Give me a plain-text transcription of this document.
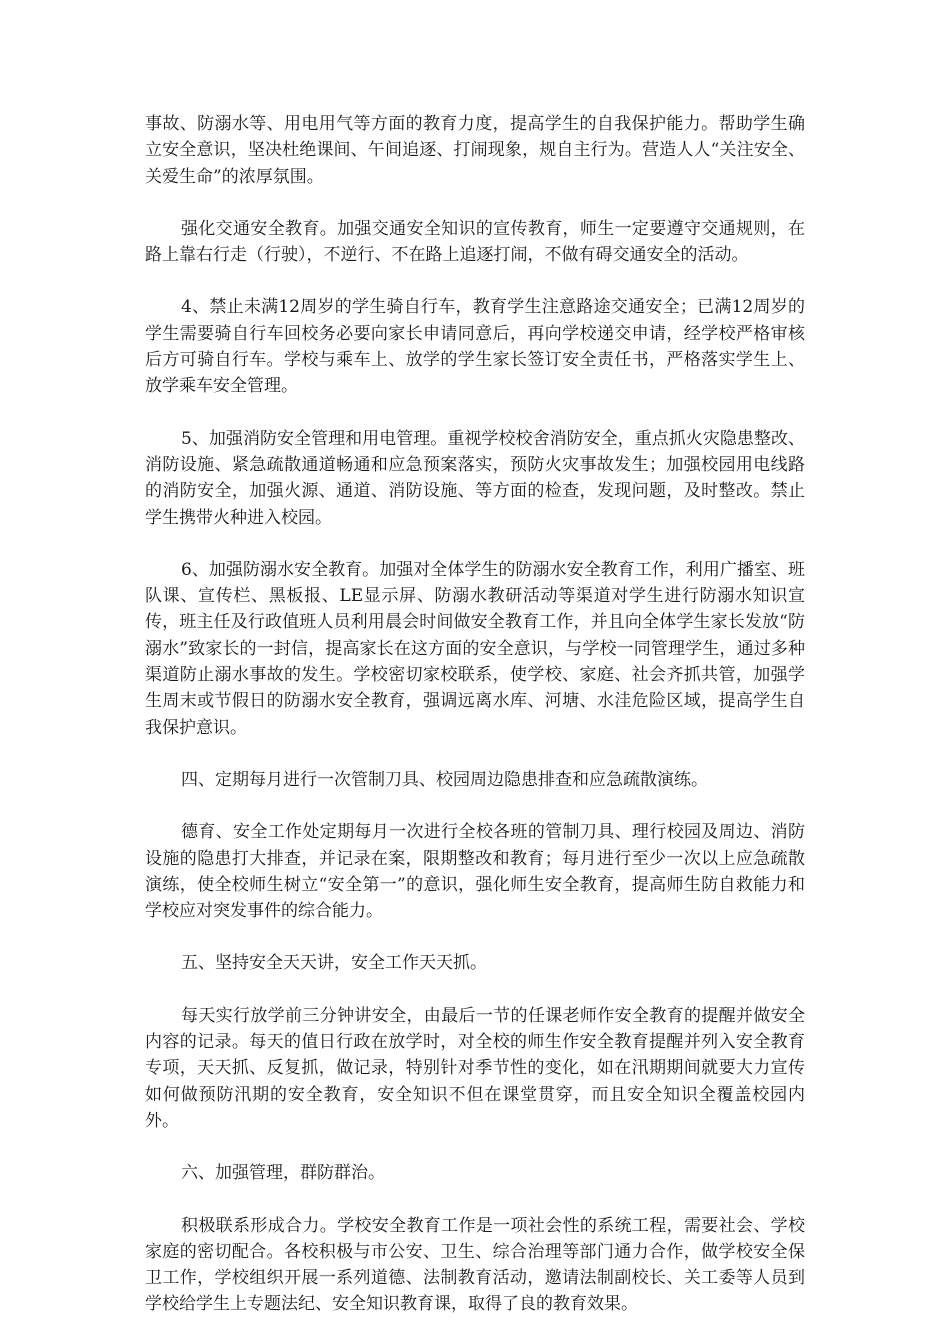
事故、防溺水等、用电用气等方面的教育力度，提高学生的自我保护能力。帮助学生确立安全意识，坚决杜绝课间、午间追逐、打闹现象，规自主行为。营造人人“关注安全、关爱生命”的浓厚氛围。

强化交通安全教育。加强交通安全知识的宣传教育，师生一定要遵守交通规则，在路上靠右行走（行驶），不逆行、不在路上追逐打闹，不做有碍交通安全的活动。

4、禁止未满12周岁的学生骑自行车，教育学生注意路途交通安全；已满12周岁的学生需要骑自行车回校务必要向家长申请同意后，再向学校递交申请，经学校严格审核后方可骑自行车。学校与乘车上、放学的学生家长签订安全责任书，严格落实学生上、放学乘车安全管理。

5、加强消防安全管理和用电管理。重视学校校舍消防安全，重点抓火灾隐患整改、消防设施、紧急疏散通道畅通和应急预案落实，预防火灾事故发生；加强校园用电线路的消防安全，加强火源、通道、消防设施、等方面的检查，发现问题，及时整改。禁止学生携带火种进入校园。

6、加强防溺水安全教育。加强对全体学生的防溺水安全教育工作，利用广播室、班队课、宣传栏、黑板报、LE显示屏、防溺水教研活动等渠道对学生进行防溺水知识宣传，班主任及行政值班人员利用晨会时间做安全教育工作，并且向全体学生家长发放“防溺水”致家长的一封信，提高家长在这方面的安全意识，与学校一同管理学生，通过多种渠道防止溺水事故的发生。学校密切家校联系，使学校、家庭、社会齐抓共管，加强学生周末或节假日的防溺水安全教育，强调远离水库、河塘、水洼危险区域，提高学生自我保护意识。

四、定期每月进行一次管制刀具、校园周边隐患排查和应急疏散演练。

德育、安全工作处定期每月一次进行全校各班的管制刀具、理行校园及周边、消防设施的隐患打大排查，并记录在案，限期整改和教育；每月进行至少一次以上应急疏散演练，使全校师生树立“安全第一”的意识，强化师生安全教育，提高师生防自救能力和学校应对突发事件的综合能力。

五、坚持安全天天讲，安全工作天天抓。

每天实行放学前三分钟讲安全，由最后一节的任课老师作安全教育的提醒并做安全内容的记录。每天的值日行政在放学时，对全校的师生作安全教育提醒并列入安全教育专项，天天抓、反复抓，做记录，特别针对季节性的变化，如在汛期期间就要大力宣传如何做预防汛期的安全教育，安全知识不但在课堂贯穿，而且安全知识全覆盖校园内外。

六、加强管理，群防群治。

积极联系形成合力。学校安全教育工作是一项社会性的系统工程，需要社会、学校家庭的密切配合。各校积极与市公安、卫生、综合治理等部门通力合作，做学校安全保卫工作，学校组织开展一系列道德、法制教育活动，邀请法制副校长、关工委等人员到学校给学生上专题法纪、安全知识教育课，取得了良的教育效果。
